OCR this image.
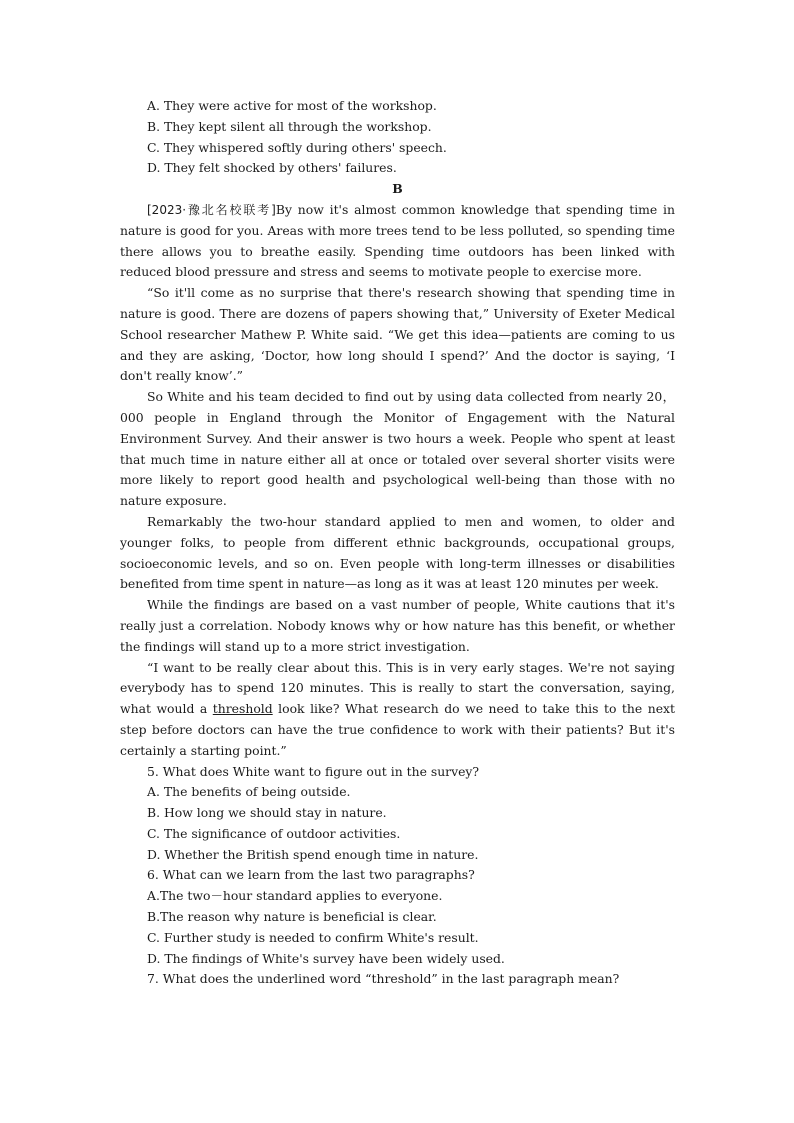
A. They were active for most of the workshop.
B. They kept silent all through the workshop.
C. They whispered softly during others' speech.
D. They felt shocked by others' failures.
B
[2023·豫北名校联考]By now it's almost common knowledge that spending time in nature is good for you. Areas with more trees tend to be less polluted, so spending time there allows you to breathe easily. Spending time outdoors has been linked with reduced blood pressure and stress and seems to motivate people to exercise more.
“So it'll come as no surprise that there's research showing that spending time in nature is good. There are dozens of papers showing that,” University of Exeter Medical School researcher Mathew P. White said. “We get this idea—patients are coming to us and they are asking, ‘Doctor, how long should I spend?’ And the doctor is saying, ‘I don't really know’.”
So White and his team decided to find out by using data collected from nearly 20，000 people in England through the Monitor of Engagement with the Natural Environment Survey. And their answer is two hours a week. People who spent at least that much time in nature either all at once or totaled over several shorter visits were more likely to report good health and psychological well-being than those with no nature exposure.
Remarkably the two-hour standard applied to men and women, to older and younger folks, to people from different ethnic backgrounds, occupational groups, socioeconomic levels, and so on. Even people with long-term illnesses or disabilities benefited from time spent in nature—as long as it was at least 120 minutes per week.
While the findings are based on a vast number of people, White cautions that it's really just a correlation. Nobody knows why or how nature has this benefit, or whether the findings will stand up to a more strict investigation.
“I want to be really clear about this. This is in very early stages. We're not saying everybody has to spend 120 minutes. This is really to start the conversation, saying, what would a threshold look like? What research do we need to take this to the next step before doctors can have the true confidence to work with their patients? But it's certainly a starting point.”
5. What does White want to figure out in the survey?
A. The benefits of being outside.
B. How long we should stay in nature.
C. The significance of outdoor activities.
D. Whether the British spend enough time in nature.
6. What can we learn from the last two paragraphs?
A.The two－hour standard applies to everyone.
B.The reason why nature is beneficial is clear.
C. Further study is needed to confirm White's result.
D. The findings of White's survey have been widely used.
7. What does the underlined word “threshold” in the last paragraph mean?
